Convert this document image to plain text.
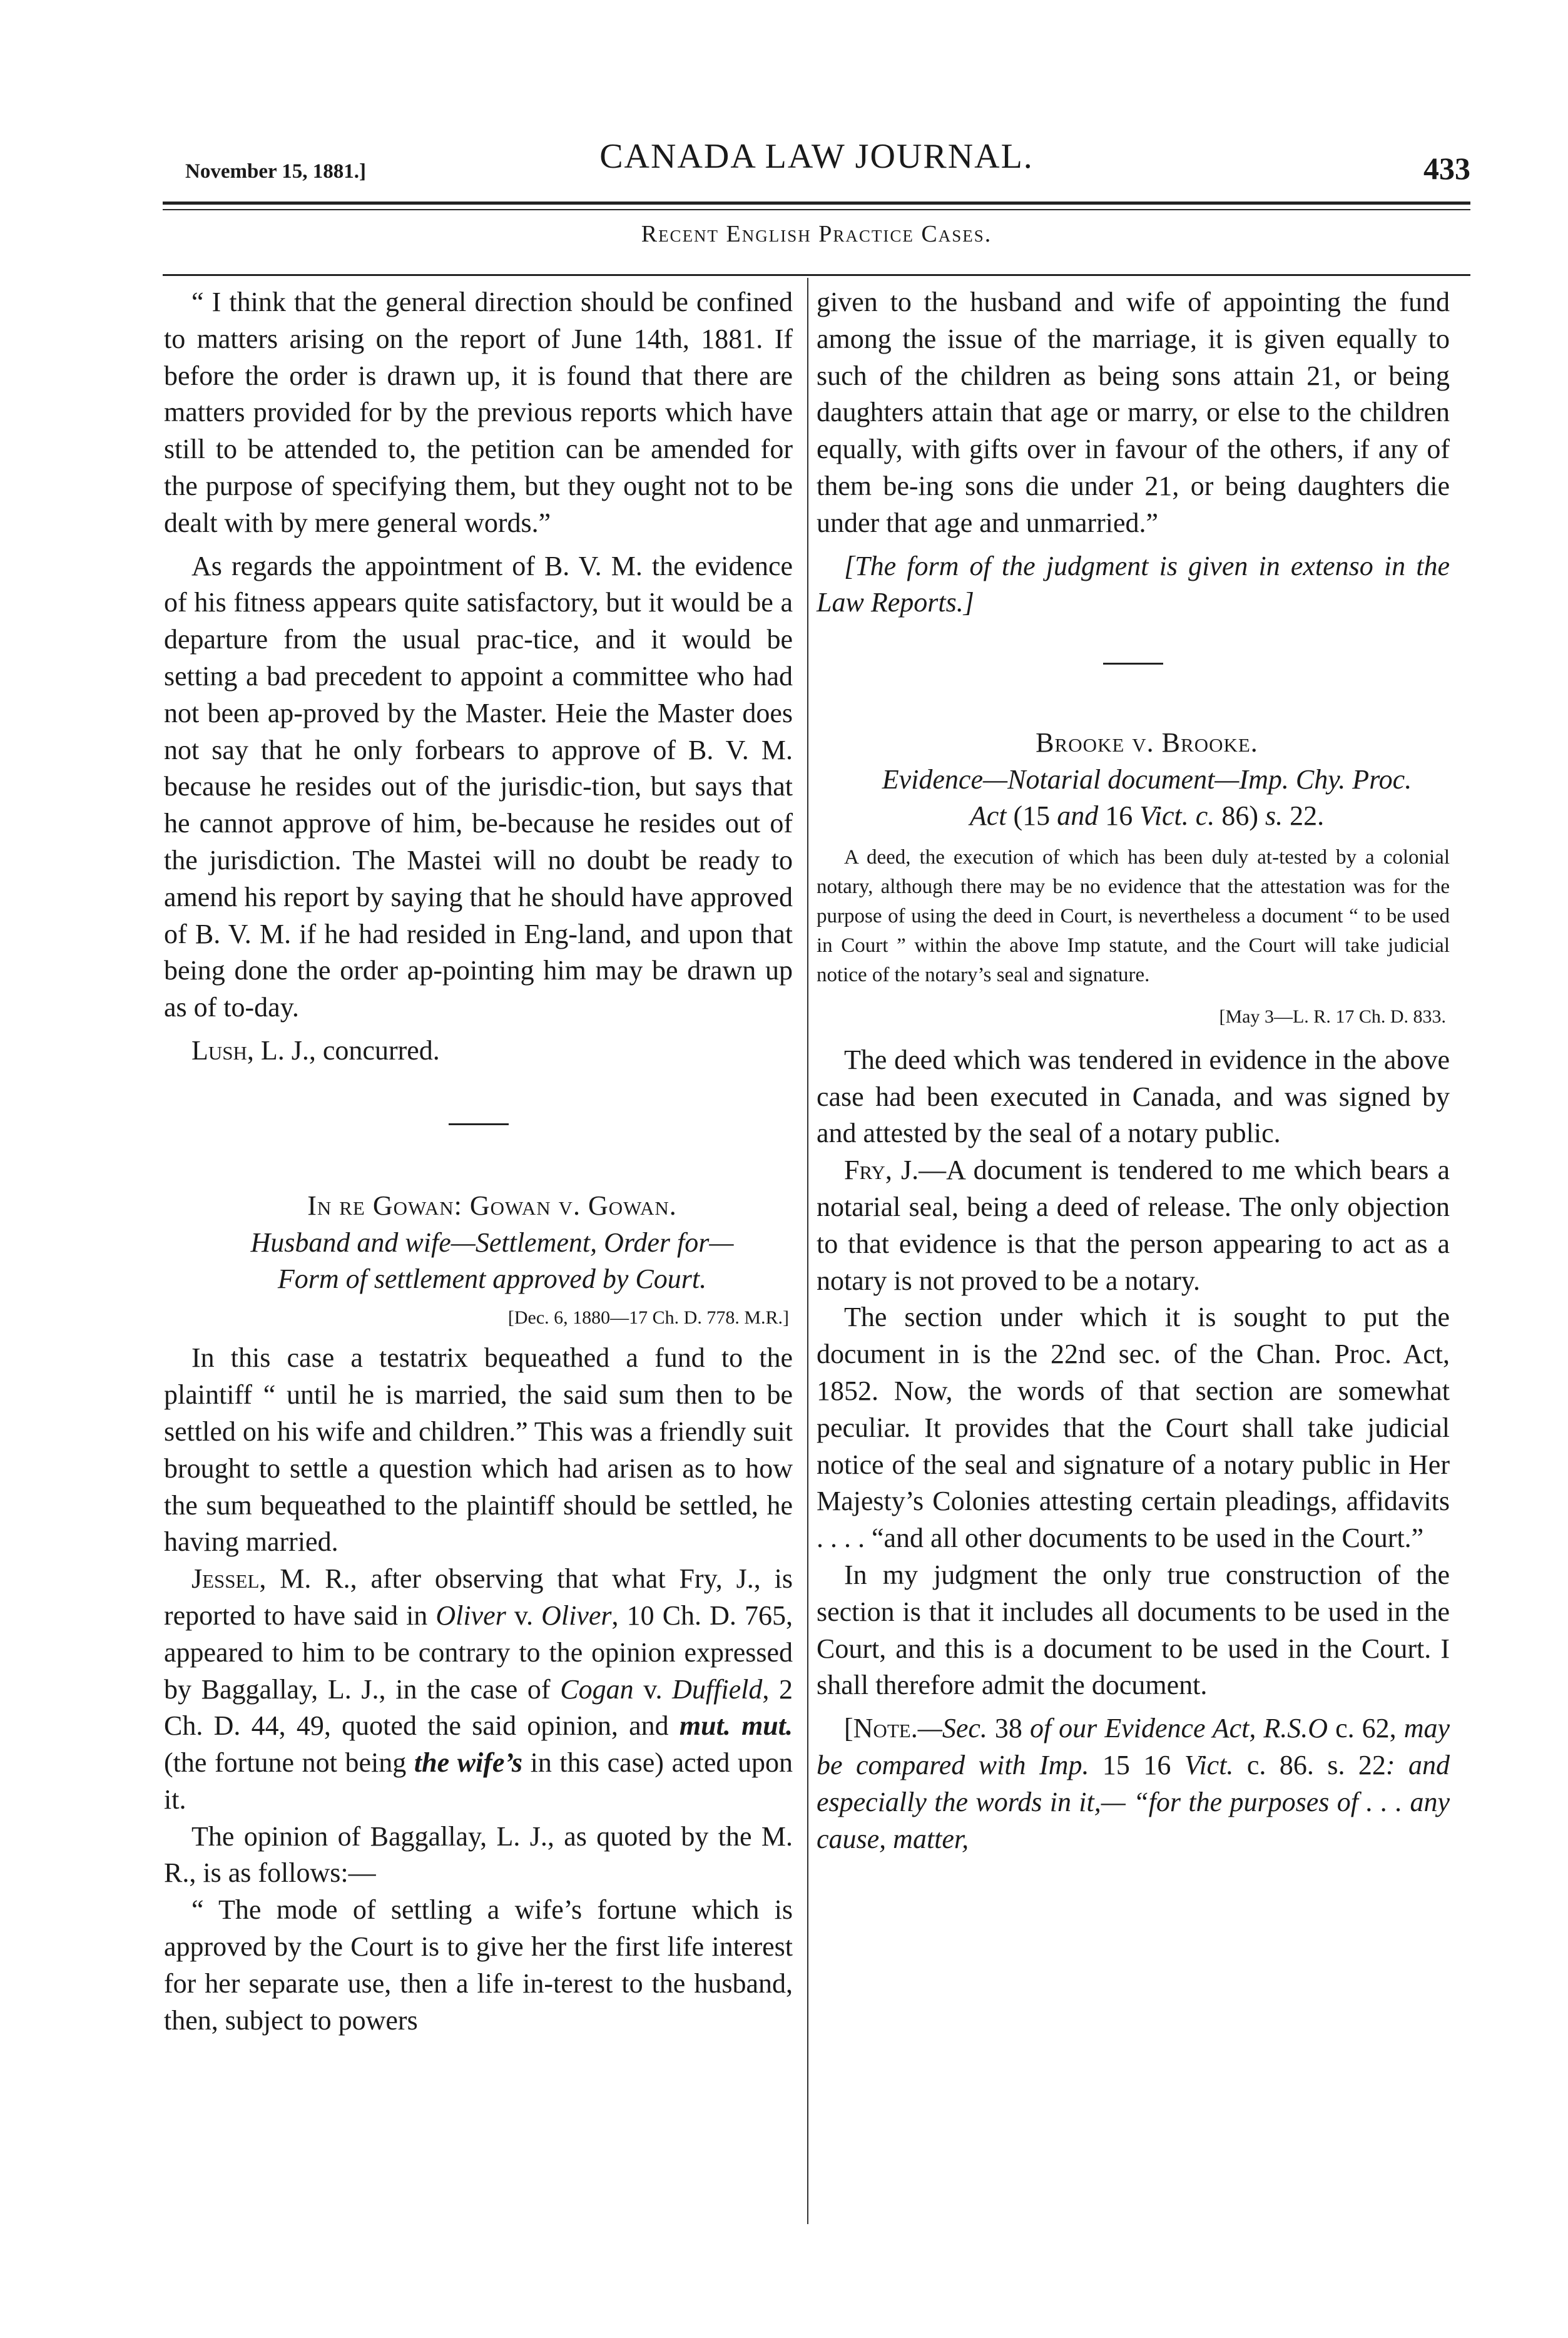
November 15, 1881.]	CANADA LAW JOURNAL.	433
Recent English Practice Cases.

“ I think that the general direction should be confined to matters arising on the report of June 14th, 1881. If before the order is drawn up, it is found that there are matters provided for by the previous reports which have still to be attended to, the petition can be amended for the purpose of specifying them, but they ought not to be dealt with by mere general words.”

As regards the appointment of B. V. M. the evidence of his fitness appears quite satisfactory, but it would be a departure from the usual prac-tice, and it would be setting a bad precedent to appoint a committee who had not been ap-proved by the Master. Heie the Master does not say that he only forbears to approve of B. V. M. because he resides out of the jurisdic-tion, but says that he cannot approve of him, be-because he resides out of the jurisdiction. The Mastei will no doubt be ready to amend his report by saying that he should have approved of B. V. M. if he had resided in Eng-land, and upon that being done the order ap-pointing him may be drawn up as of to-day.

Lush, L. J., concurred.

In re Gowan: Gowan v. Gowan.

Husband and wife—Settlement, Order for—

Form of settlement approved by Court.

[Dec. 6, 1880—17 Ch. D. 778. M.R.]

In this case a testatrix bequeathed a fund to the plaintiff “ until he is married, the said sum then to be settled on his wife and children.” This was a friendly suit brought to settle a question which had arisen as to how the sum bequeathed to the plaintiff should be settled, he having married.

Jessel, M. R., after observing that what Fry, J., is reported to have said in Oliver v. Oliver, 10 Ch. D. 765, appeared to him to be contrary to the opinion expressed by Baggallay, L. J., in the case of Cogan v. Duffield, 2 Ch. D. 44, 49, quoted the said opinion, and mut. mut. (the fortune not being the wife’s in this case) acted upon it.

The opinion of Baggallay, L. J., as quoted by the M. R., is as follows:—

“ The mode of settling a wife’s fortune which is approved by the Court is to give her the first life interest for her separate use, then a life in-terest to the husband, then, subject to powers

given to the husband and wife of appointing the fund among the issue of the marriage, it is given equally to such of the children as being sons attain 21, or being daughters attain that age or marry, or else to the children equally, with gifts over in favour of the others, if any of them be-ing sons die under 21, or being daughters die under that age and unmarried.”

[The form of the judgment is given in extenso in the Law Reports.]

Brooke v. Brooke.

Evidence—Notarial document—Imp. Chy. Proc.

Act (15 and 16 Vict. c. 86) s. 22.

A deed, the execution of which has been duly at-tested by a colonial notary, although there may be no evidence that the attestation was for the purpose of using the deed in Court, is nevertheless a document “ to be used in Court ” within the above Imp statute, and the Court will take judicial notice of the notary’s seal and signature.

[May 3—L. R. 17 Ch. D. 833.

The deed which was tendered in evidence in the above case had been executed in Canada, and was signed by and attested by the seal of a notary public.

Fry, J.—A document is tendered to me which bears a notarial seal, being a deed of release. The only objection to that evidence is that the person appearing to act as a notary is not proved to be a notary.

The section under which it is sought to put the document in is the 22nd sec. of the Chan. Proc. Act, 1852. Now, the words of that section are somewhat peculiar. It provides that the Court shall take judicial notice of the seal and signature of a notary public in Her Majesty’s Colonies attesting certain pleadings, affidavits . . . . “and all other documents to be used in the Court.”

In my judgment the only true construction of the section is that it includes all documents to be used in the Court, and this is a document to be used in the Court. I shall therefore admit the document.

[Note.—Sec. 38 of our Evidence Act, R.S.O c. 62, may be compared with Imp. 15 16 Vict. c. 86. s. 22: and especially the words in it,— “for the purposes of . . . any cause, matter,
